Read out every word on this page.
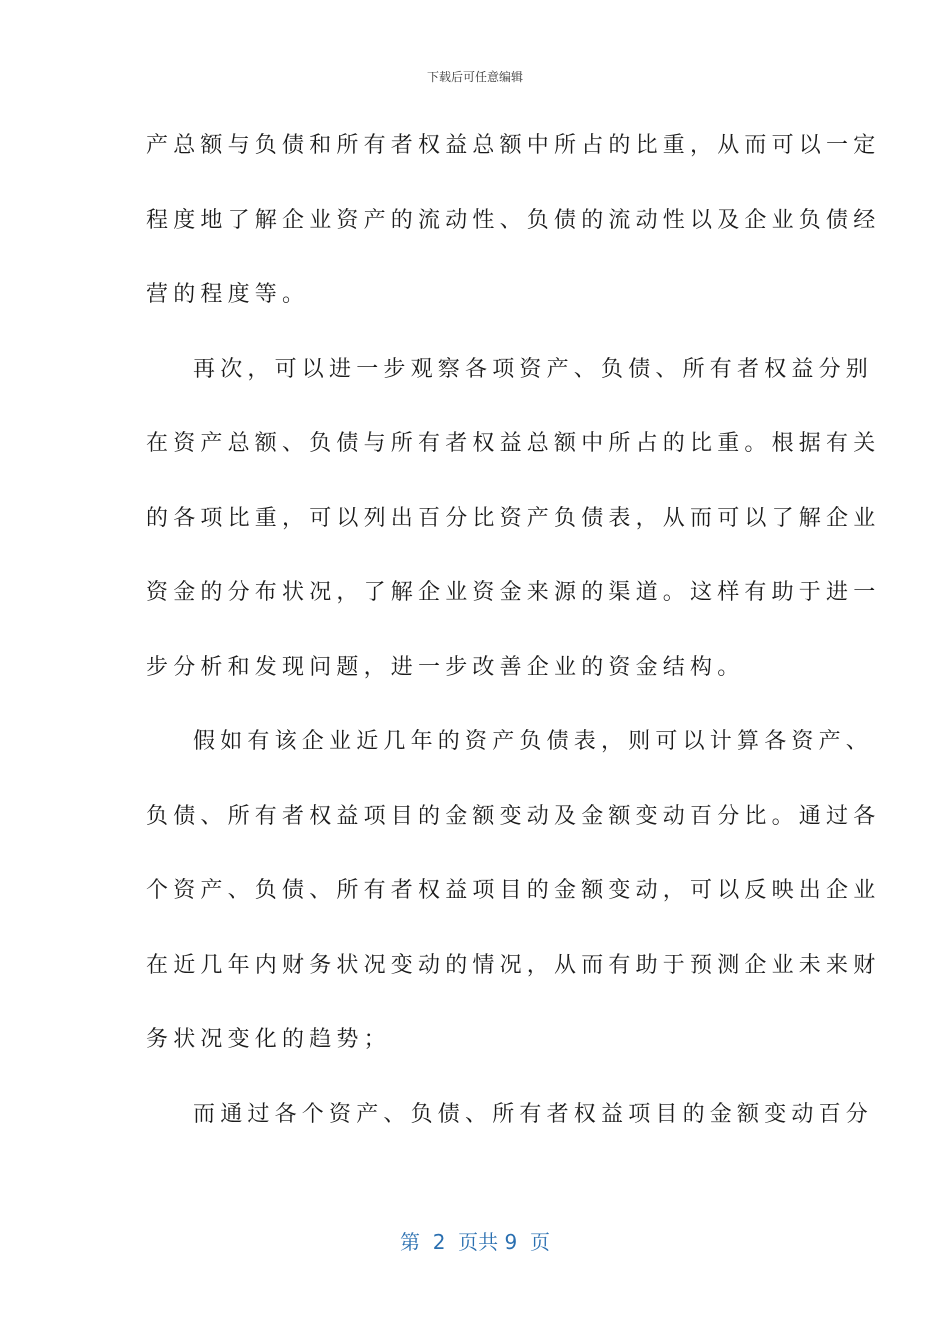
下载后可任意编辑
产总额与负债和所有者权益总额中所占的比重，从而可以一定
程度地了解企业资产的流动性、负债的流动性以及企业负债经
营的程度等。
再次，可以进一步观察各项资产、负债、所有者权益分别
在资产总额、负债与所有者权益总额中所占的比重。根据有关
的各项比重，可以列出百分比资产负债表，从而可以了解企业
资金的分布状况，了解企业资金来源的渠道。这样有助于进一
步分析和发现问题，进一步改善企业的资金结构。
假如有该企业近几年的资产负债表，则可以计算各资产、
负债、所有者权益项目的金额变动及金额变动百分比。通过各
个资产、负债、所有者权益项目的金额变动，可以反映出企业
在近几年内财务状况变动的情况，从而有助于预测企业未来财
务状况变化的趋势；
而通过各个资产、负债、所有者权益项目的金额变动百分
第  2  页共 9  页
